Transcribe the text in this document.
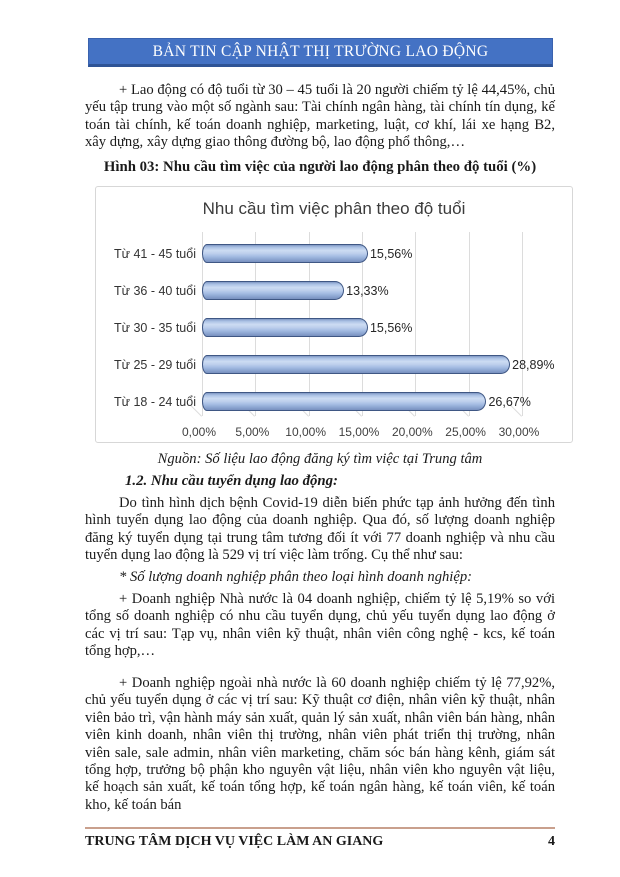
BẢN TIN CẬP NHẬT THỊ TRƯỜNG LAO ĐỘNG

+ Lao động có độ tuổi từ 30 – 45 tuổi là 20 người chiếm tỷ lệ 44,45%, chủ yếu tập trung vào một số ngành sau: Tài chính ngân hàng, tài chính tín dụng, kế toán tài chính, kế toán doanh nghiệp, marketing, luật, cơ khí, lái xe hạng B2, xây dựng, xây dựng giao thông đường bộ, lao động phổ thông,…

Hình 03: Nhu cầu tìm việc của người lao động phân theo độ tuổi (%)
Nhu cầu tìm việc phân theo độ tuổi
0,00%	5,00%	10,00%	15,00%	20,00%	25,00%	30,00%
Từ 41 - 45 tuổi	15,56%
Từ 36 - 40 tuổi	13,33%
Từ 30 - 35 tuổi	15,56%
Từ 25 - 29 tuổi	28,89%
Từ 18 - 24 tuổi	26,67%
Nguồn: Số liệu lao động đăng ký tìm việc tại Trung tâm
1.2. Nhu cầu tuyển dụng lao động:

Do tình hình dịch bệnh Covid-19 diễn biến phức tạp ảnh hưởng đến tình hình tuyển dụng lao động của doanh nghiệp. Qua đó, số lượng doanh nghiệp đăng ký tuyển dụng tại trung tâm tương đối ít với 77 doanh nghiệp và nhu cầu tuyển dụng lao động là 529 vị trí việc làm trống. Cụ thể như sau:

* Số lượng doanh nghiệp phân theo loại hình doanh nghiệp:

+ Doanh nghiệp Nhà nước là 04 doanh nghiệp, chiếm tỷ lệ 5,19% so với tổng số doanh nghiệp có nhu cầu tuyển dụng, chủ yếu tuyển dụng lao động ở các vị trí sau: Tạp vụ, nhân viên kỹ thuật, nhân viên công nghệ - kcs, kế toán tổng hợp,…

+ Doanh nghiệp ngoài nhà nước là 60 doanh nghiệp chiếm tỷ lệ 77,92%, chủ yếu tuyển dụng ở các vị trí sau: Kỹ thuật cơ điện, nhân viên kỹ thuật, nhân viên bảo trì, vận hành máy sản xuất, quản lý sản xuất, nhân viên bán hàng, nhân viên kinh doanh, nhân viên thị trường, nhân viên phát triển thị trường, nhân viên sale, sale admin, nhân viên marketing, chăm sóc bán hàng kênh, giám sát tổng hợp, trưởng bộ phận kho nguyên vật liệu, nhân viên kho nguyên vật liệu, kế hoạch sản xuất, kế toán tổng hợp, kế toán ngân hàng, kế toán viên, kế toán kho, kế toán bán

TRUNG TÂM DỊCH VỤ VIỆC LÀM AN GIANG	4
